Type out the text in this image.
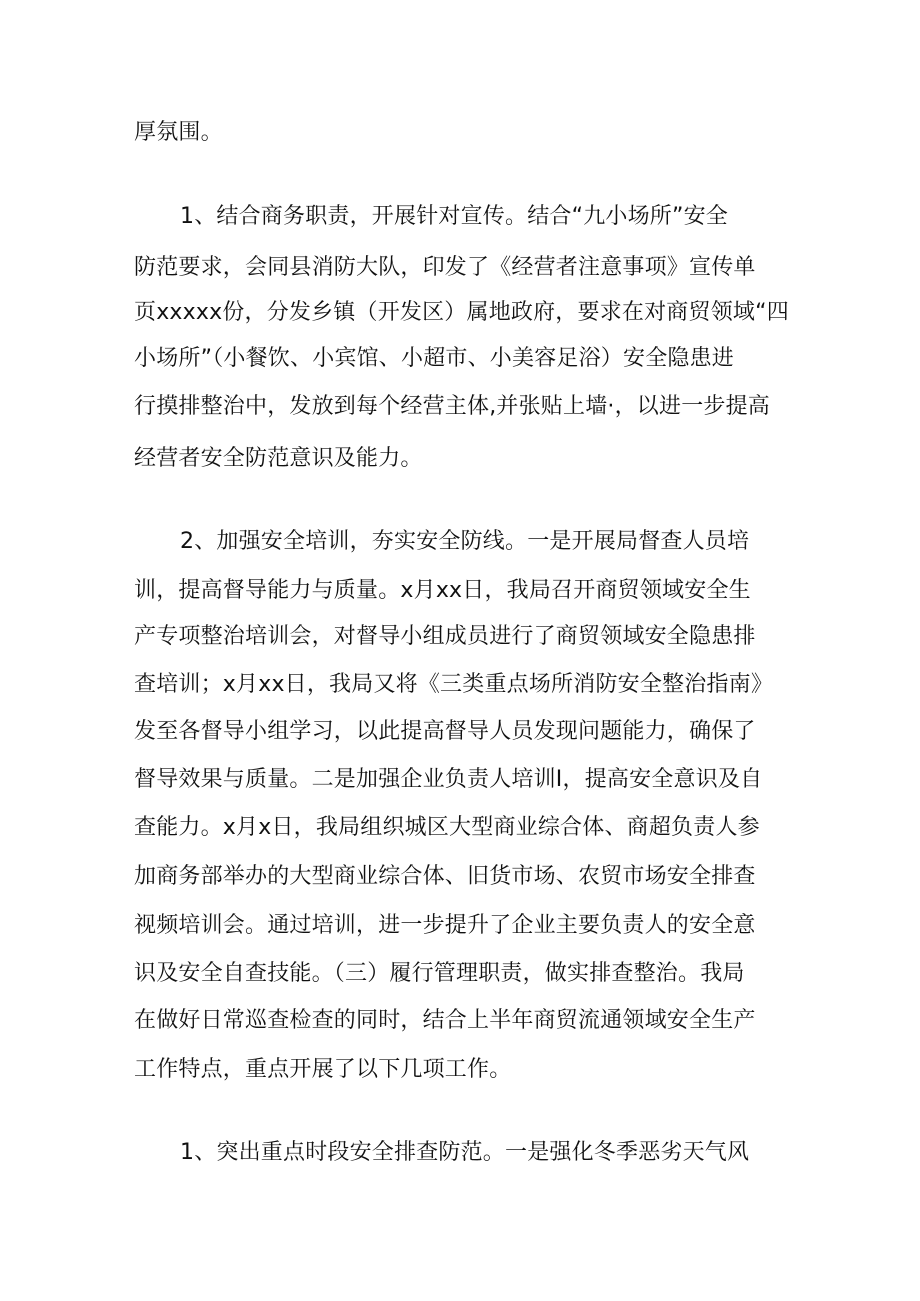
厚氛围。
1、结合商务职责，开展针对宣传。结合“九小场所”安全
防范要求，会同县消防大队，印发了《经营者注意事项》宣传单
页xxxxx份，分发乡镇（开发区）属地政府，要求在对商贸领域“四
小场所”（小餐饮、小宾馆、小超市、小美容足浴）安全隐患进
行摸排整治中，发放到每个经营主体,并张贴上墙·，以进一步提高
经营者安全防范意识及能力。
2、加强安全培训，夯实安全防线。一是开展局督查人员培
训，提高督导能力与质量。x月xx日，我局召开商贸领域安全生
产专项整治培训会，对督导小组成员进行了商贸领域安全隐患排
查培训；x月xx日，我局又将《三类重点场所消防安全整治指南》
发至各督导小组学习，以此提高督导人员发现问题能力，确保了
督导效果与质量。二是加强企业负责人培训I，提高安全意识及自
查能力。x月x日，我局组织城区大型商业综合体、商超负责人参
加商务部举办的大型商业综合体、旧货市场、农贸市场安全排查
视频培训会。通过培训，进一步提升了企业主要负责人的安全意
识及安全自查技能。（三）履行管理职责，做实排查整治。我局
在做好日常巡查检查的同时，结合上半年商贸流通领域安全生产
工作特点，重点开展了以下几项工作。
1、突出重点时段安全排查防范。一是强化冬季恶劣天气风
